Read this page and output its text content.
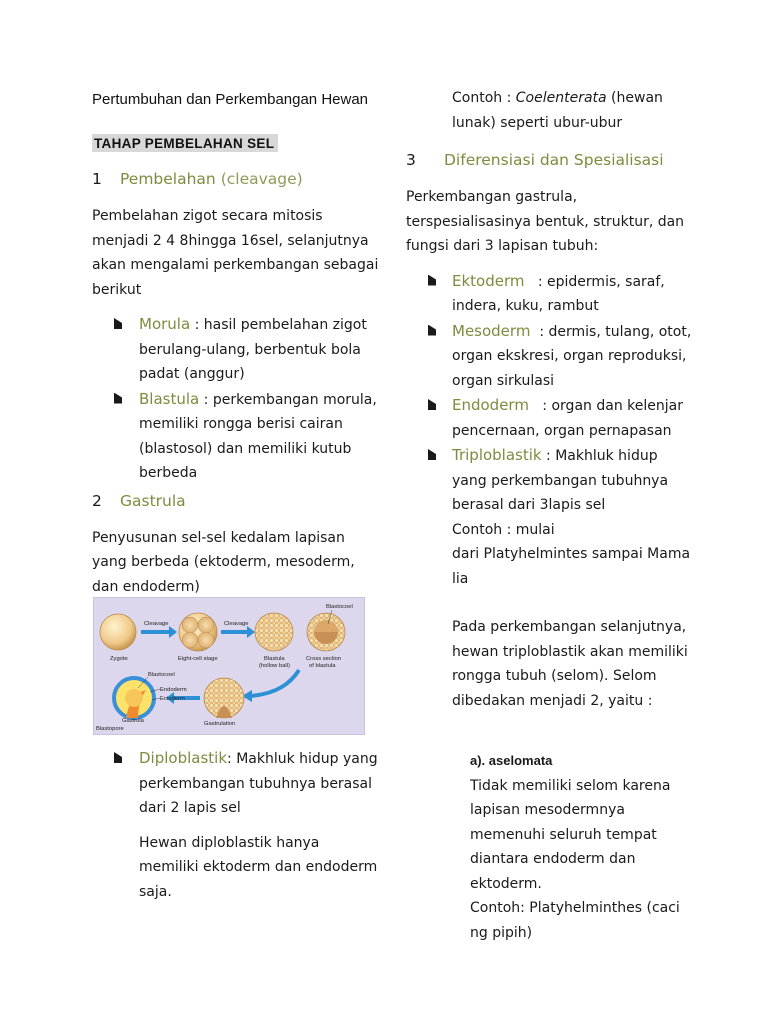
Pertumbuhan dan Perkembangan Hewan

TAHAP PEMBELAHAN SEL
1 Pembelahan (cleavage)
Pembelahan zigot secara mitosis menjadi 2 4 8hingga 16sel, selanjutnya akan mengalami perkembangan sebagai berikut
Morula : hasil pembelahan zigot berulang-ulang, berbentuk bola padat (anggur)
Blastula : perkembangan morula, memiliki rongga berisi cairan (blastosol) dan memiliki kutub berbeda
2 Gastrula
Penyusunan sel-sel kedalam lapisan yang berbeda (ektoderm, mesoderm, dan endoderm)
Zygote
Cleavage
Eight-cell stage
Cleavage
Blastula
(hollow ball)
Cross section
of blastula
Blastocoel
Gastrulation
Blastocoel
Endoderm
Ectoderm
Gastrula
Blastopore
Diploblastik: Makhluk hidup yang perkembangan tubuhnya berasal dari 2 lapis sel
Hewan diploblastik hanya memiliki ektoderm dan endoderm saja.
Contoh : Coelenterata (hewan lunak) seperti ubur-ubur
3 Diferensiasi dan Spesialisasi
Perkembangan gastrula, terspesialisasinya bentuk, struktur, dan fungsi dari 3 lapisan tubuh:
Ektoderm   : epidermis, saraf, indera, kuku, rambut
Mesoderm  : dermis, tulang, otot, organ ekskresi, organ reproduksi, organ sirkulasi
Endoderm   : organ dan kelenjar pencernaan, organ pernapasan
Triploblastik : Makhluk hidup yang perkembangan tubuhnya berasal dari 3lapis sel
Contoh : mulai
dari Platyhelmintes sampai Mama lia
Pada perkembangan selanjutnya, hewan triploblastik akan memiliki rongga tubuh (selom). Selom dibedakan menjadi 2, yaitu :
a). aselomata
Tidak memiliki selom karena lapisan mesodermnya memenuhi seluruh tempat diantara endoderm dan ektoderm.
Contoh: Platyhelminthes (caci ng pipih)
